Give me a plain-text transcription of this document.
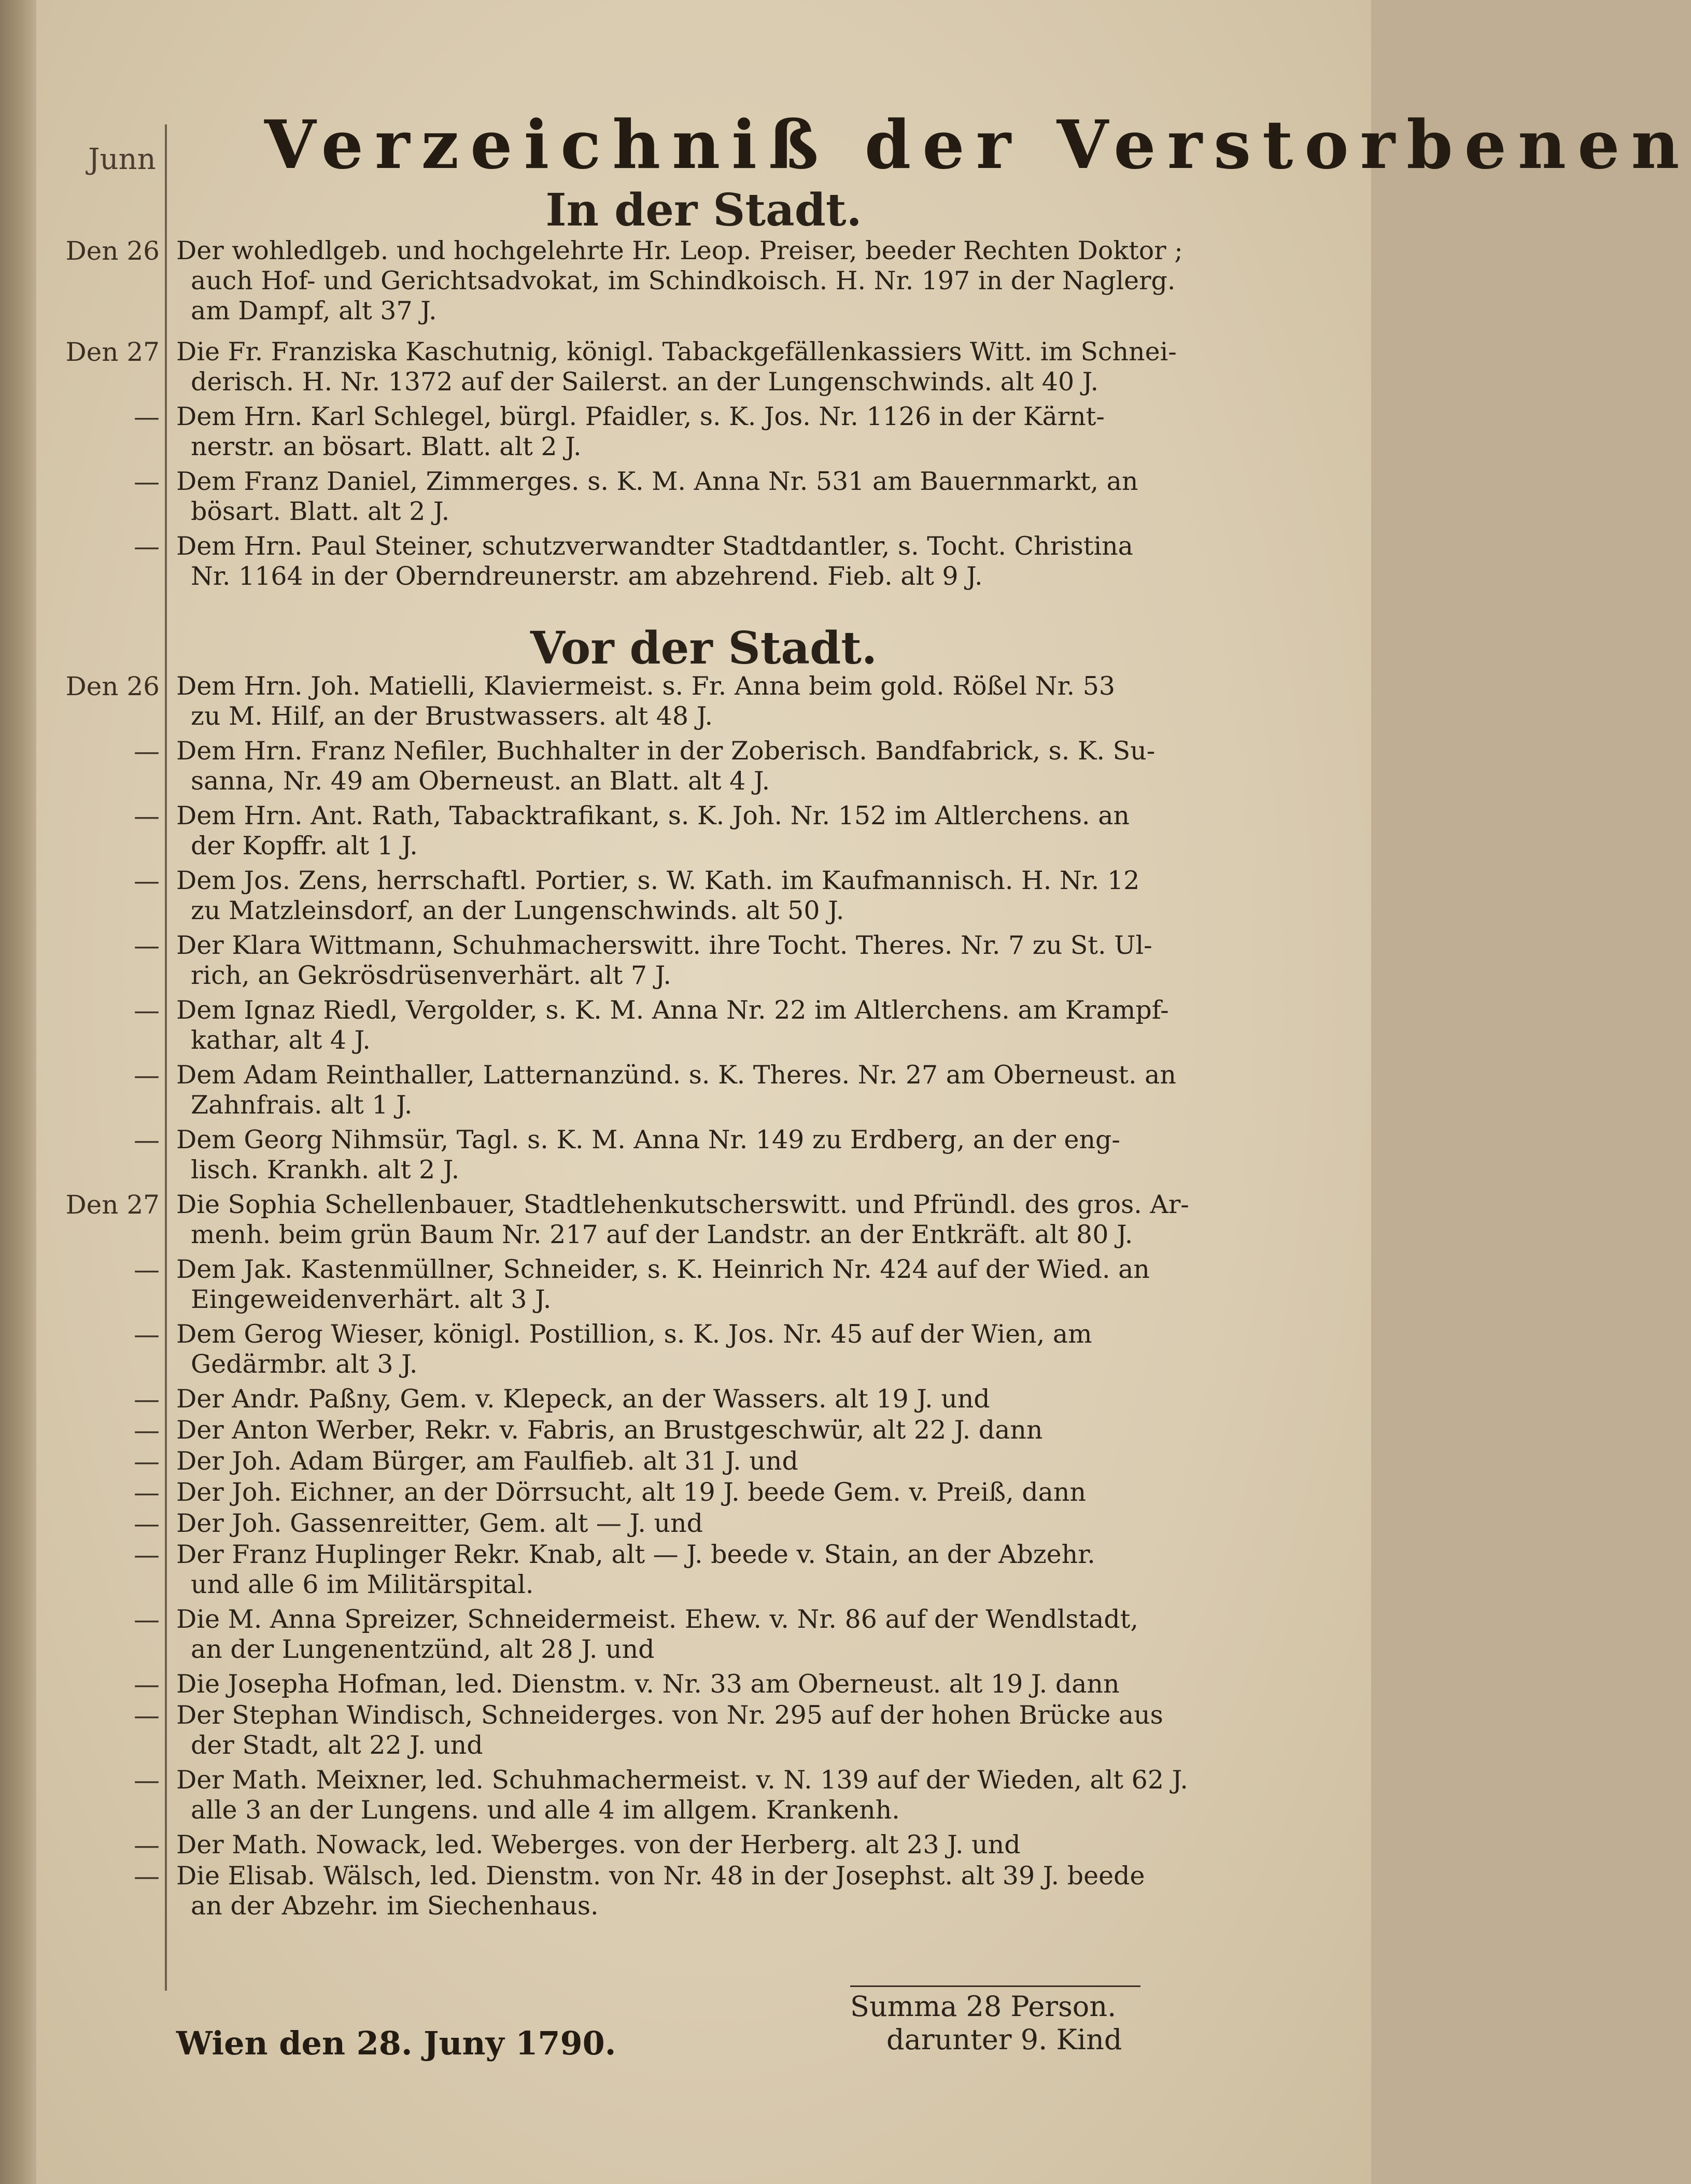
Junn Verzeichniß der Verstorbenen
In der Stadt.
Vor der Stadt.
Den 26 Der wohledlgeb. und hochgelehrte Hr. Leop. Preiser, beeder Rechten Doktor ;
auch Hof- und Gerichtsadvokat, im Schindkoisch. H. Nr. 197 in der Naglerg.
am Dampf, alt 37 J.
Den 27 Die Fr. Franziska Kaschutnig, königl. Tabackgefällenkassiers Witt. im Schnei-
derisch. H. Nr. 1372 auf der Sailerst. an der Lungenschwinds. alt 40 J.
— Dem Hrn. Karl Schlegel, bürgl. Pfaidler, s. K. Jos. Nr. 1126 in der Kärnt-
nerstr. an bösart. Blatt. alt 2 J.
— Dem Franz Daniel, Zimmerges. s. K. M. Anna Nr. 531 am Bauernmarkt, an
bösart. Blatt. alt 2 J.
— Dem Hrn. Paul Steiner, schutzverwandter Stadtdantler, s. Tocht. Christina
Nr. 1164 in der Oberndreunerstr. am abzehrend. Fieb. alt 9 J.
Den 26 Dem Hrn. Joh. Matielli, Klaviermeist. s. Fr. Anna beim gold. Rößel Nr. 53
zu M. Hilf, an der Brustwassers. alt 48 J.
— Dem Hrn. Franz Nefiler, Buchhalter in der Zoberisch. Bandfabrick, s. K. Su-
sanna, Nr. 49 am Oberneust. an Blatt. alt 4 J.
— Dem Hrn. Ant. Rath, Tabacktrafikant, s. K. Joh. Nr. 152 im Altlerchens. an
der Kopffr. alt 1 J.
— Dem Jos. Zens, herrschaftl. Portier, s. W. Kath. im Kaufmannisch. H. Nr. 12
zu Matzleinsdorf, an der Lungenschwinds. alt 50 J.
— Der Klara Wittmann, Schuhmacherswitt. ihre Tocht. Theres. Nr. 7 zu St. Ul-
rich, an Gekrösdrüsenverhärt. alt 7 J.
— Dem Ignaz Riedl, Vergolder, s. K. M. Anna Nr. 22 im Altlerchens. am Krampf-
kathar, alt 4 J.
— Dem Adam Reinthaller, Latternanzünd. s. K. Theres. Nr. 27 am Oberneust. an
Zahnfrais. alt 1 J.
— Dem Georg Nihmsür, Tagl. s. K. M. Anna Nr. 149 zu Erdberg, an der eng-
lisch. Krankh. alt 2 J.
Den 27 Die Sophia Schellenbauer, Stadtlehenkutscherswitt. und Pfründl. des gros. Ar-
menh. beim grün Baum Nr. 217 auf der Landstr. an der Entkräft. alt 80 J.
— Dem Jak. Kastenmüllner, Schneider, s. K. Heinrich Nr. 424 auf der Wied. an
Eingeweidenverhärt. alt 3 J.
— Dem Gerog Wieser, königl. Postillion, s. K. Jos. Nr. 45 auf der Wien, am
Gedärmbr. alt 3 J.
— Der Andr. Paßny, Gem. v. Klepeck, an der Wassers. alt 19 J. und
— Der Anton Werber, Rekr. v. Fabris, an Brustgeschwür, alt 22 J. dann
— Der Joh. Adam Bürger, am Faulfieb. alt 31 J. und
— Der Joh. Eichner, an der Dörrsucht, alt 19 J. beede Gem. v. Preiß, dann
— Der Joh. Gassenreitter, Gem. alt — J. und
— Der Franz Huplinger Rekr. Knab, alt — J. beede v. Stain, an der Abzehr.
und alle 6 im Militärspital.
— Die M. Anna Spreizer, Schneidermeist. Ehew. v. Nr. 86 auf der Wendlstadt,
an der Lungenentzünd, alt 28 J. und
— Die Josepha Hofman, led. Dienstm. v. Nr. 33 am Oberneust. alt 19 J. dann
— Der Stephan Windisch, Schneiderges. von Nr. 295 auf der hohen Brücke aus
der Stadt, alt 22 J. und
— Der Math. Meixner, led. Schuhmachermeist. v. N. 139 auf der Wieden, alt 62 J.
alle 3 an der Lungens. und alle 4 im allgem. Krankenh.
— Der Math. Nowack, led. Weberges. von der Herberg. alt 23 J. und
— Die Elisab. Wälsch, led. Dienstm. von Nr. 48 in der Josephst. alt 39 J. beede
an der Abzehr. im Siechenhaus.
Summa 28 Person.
darunter 9. Kind
Wien den 28. Juny 1790.
